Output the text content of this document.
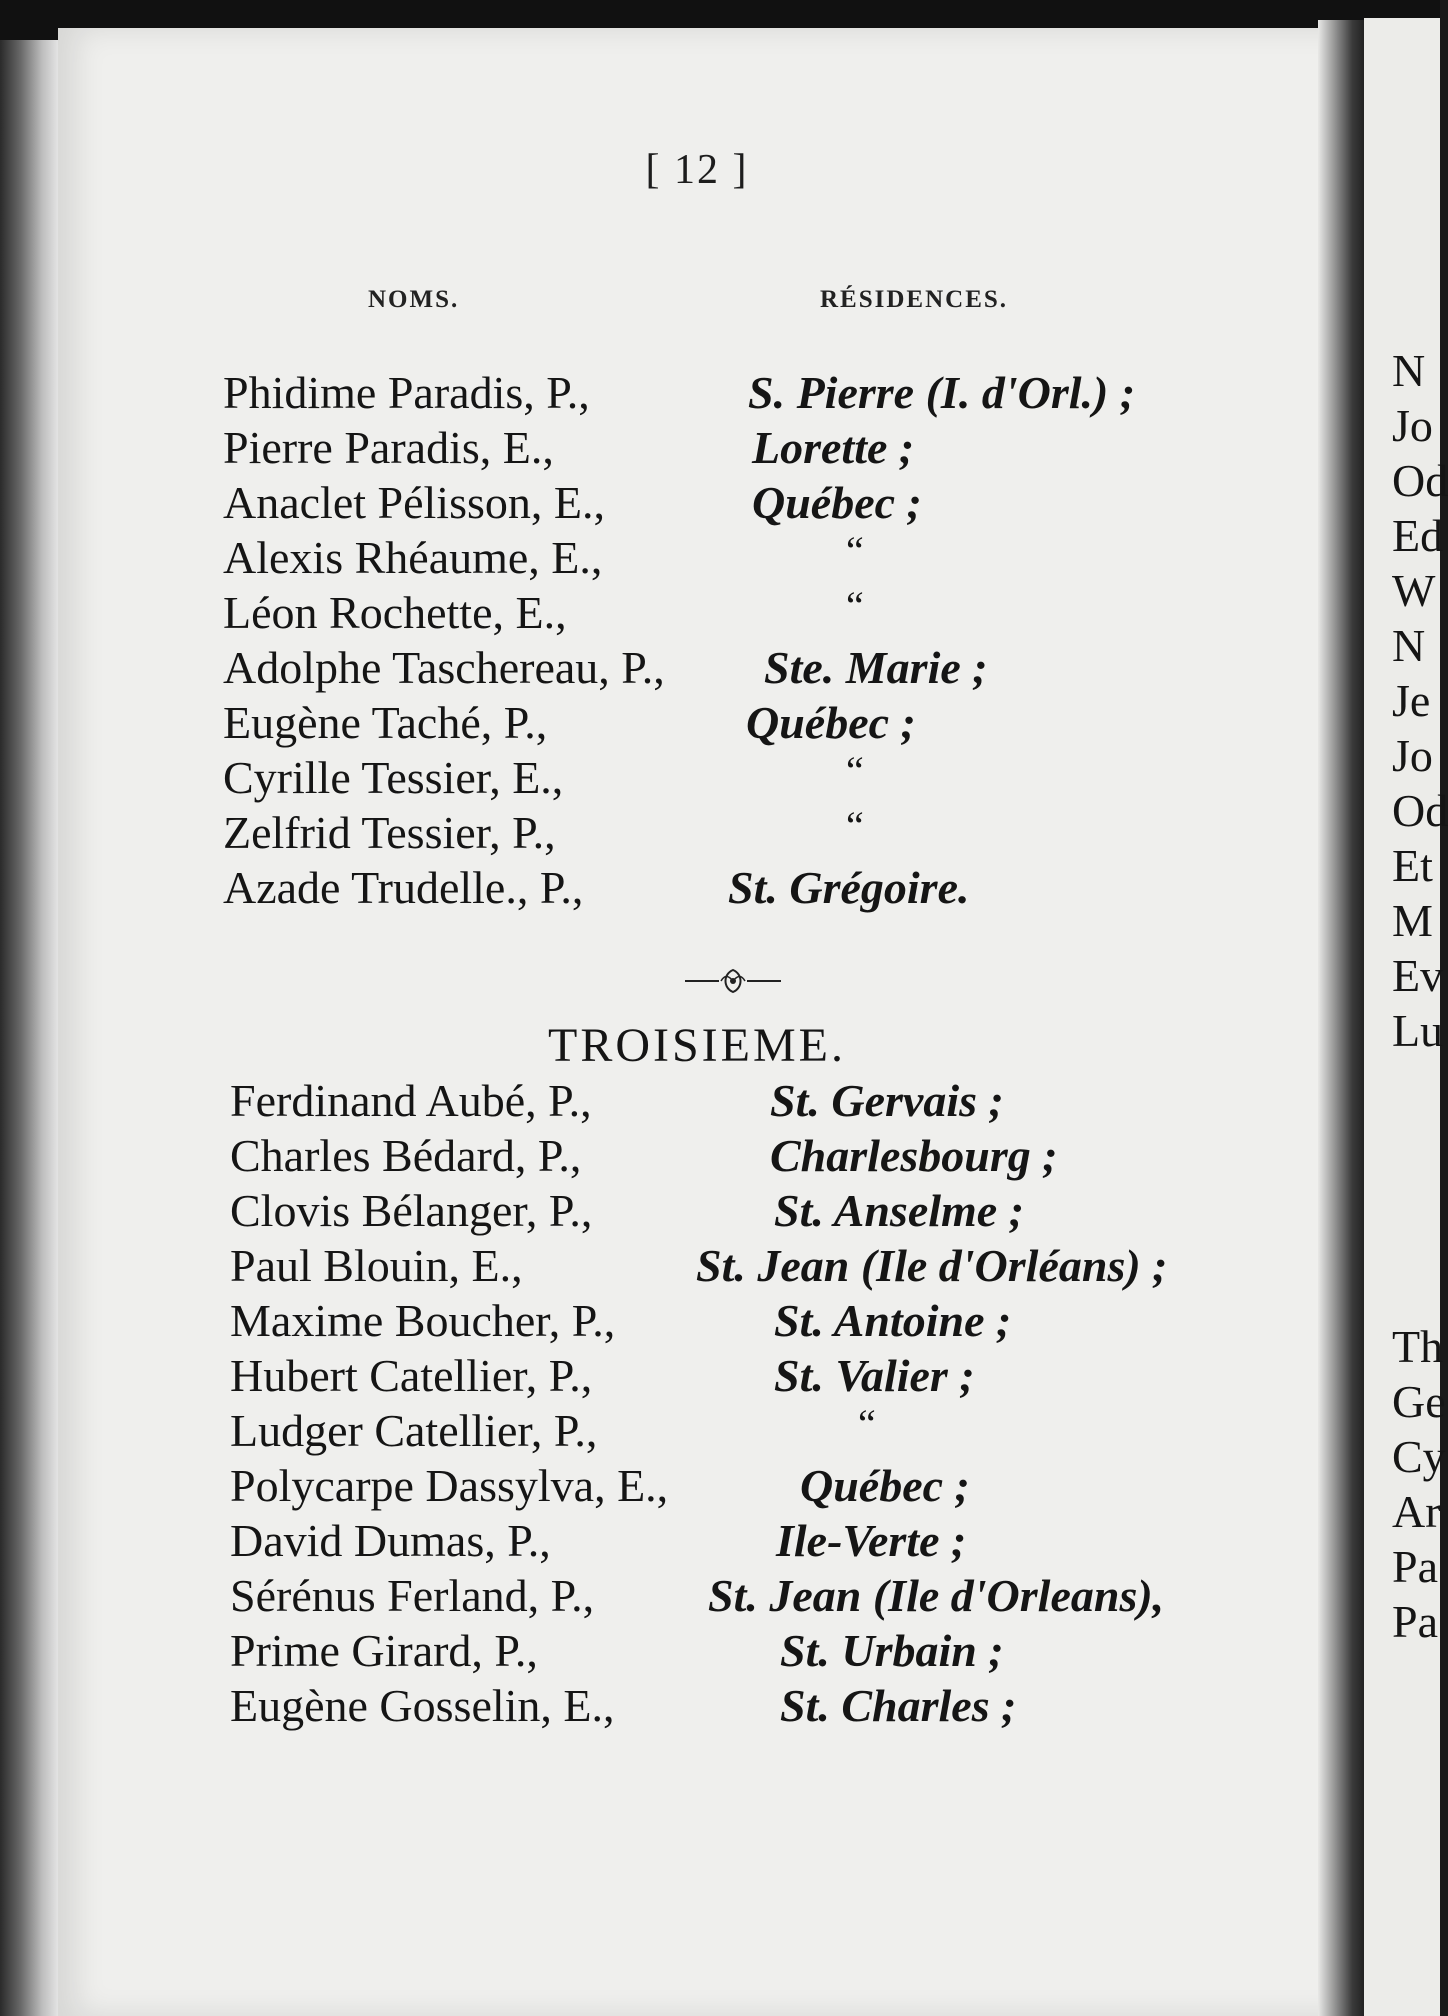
[ 12 ]
NOMS.	RÉSIDENCES.
Phidime Paradis, P.,	S. Pierre (I. d'Orl.) ;
Pierre Paradis, E.,	Lorette ;
Anaclet Pélisson, E.,	Québec ;
Alexis Rhéaume, E.,	“
Léon Rochette, E.,	“
Adolphe Taschereau, P., Ste. Marie ;
Eugène Taché, P.,	Québec ;
Cyrille Tessier, E.,	“
Zelfrid Tessier, P.,	“
Azade Trudelle., P.,	St. Grégoire.
TROISIEME.
Ferdinand Aubé, P.,	St. Gervais ;
Charles Bédard, P.,	Charlesbourg ;
Clovis Bélanger, P.,	St. Anselme ;
Paul Blouin, E.,	St. Jean (Ile d'Orléans) ;
Maxime Boucher, P.,	St. Antoine ;
Hubert Catellier, P.,	St. Valier ;
Ludger Catellier, P.,	“
Polycarpe Dassylva, E.,	Québec ;
David Dumas, P.,	Ile-Verte ;
Sérénus Ferland, P., St. Jean (Ile d'Orleans),
Prime Girard, P.,	St. Urbain ;
Eugène Gosselin, E.,	St. Charles ;
N
Jo
Od
Ed
W
N
Je
Jo
Od
Et
M
Ev
Lu
Th
Ge
Cy
Ar
Pa
Pa
